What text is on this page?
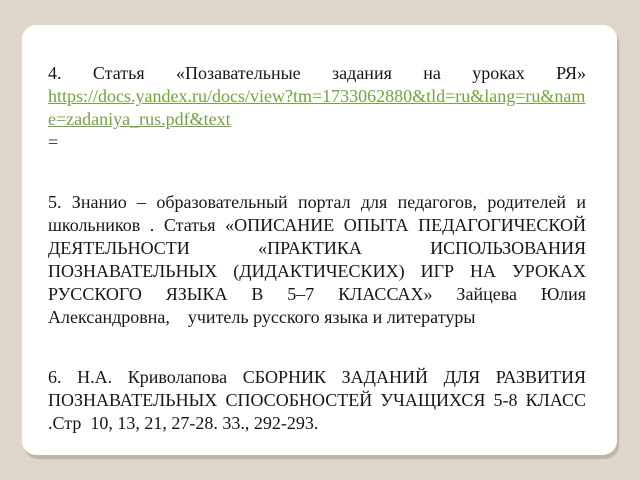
4. Статья «Позавательные задания на уроках РЯ»
https://docs.yandex.ru/docs/view?tm=1733062880&tld=ru&lang=ru&name=zadaniya_rus.pdf&text
=
5. Знанио – образовательный портал для педагогов, родителей и школьников . Статья «ОПИСАНИЕ ОПЫТА ПЕДАГОГИЧЕСКОЙ ДЕЯТЕЛЬНОСТИ «ПРАКТИКА ИСПОЛЬЗОВАНИЯ ПОЗНАВАТЕЛЬНЫХ (ДИДАКТИЧЕСКИХ) ИГР НА УРОКАХ РУССКОГО ЯЗЫКА В 5–7 КЛАССАХ» Зайцева Юлия Александровна,    учитель русского языка и литературы
6. Н.А. Криволапова СБОРНИК ЗАДАНИЙ ДЛЯ РАЗВИТИЯ ПОЗНАВАТЕЛЬНЫХ СПОСОБНОСТЕЙ УЧАЩИХСЯ 5-8 КЛАСС .Стр  10, 13, 21, 27-28. 33., 292-293.
